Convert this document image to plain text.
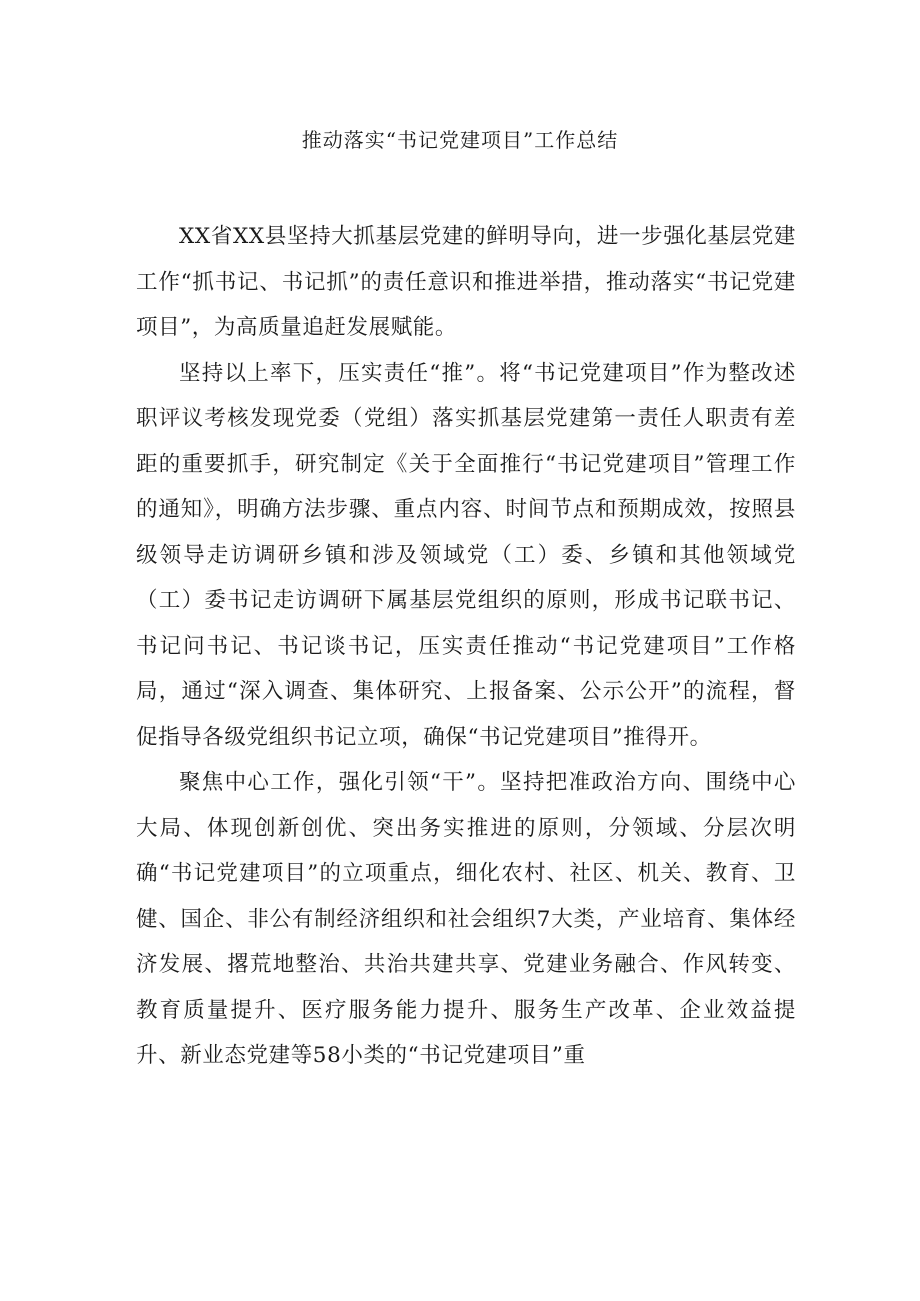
推动落实“书记党建项目”工作总结

XX省XX县坚持大抓基层党建的鲜明导向，进一步强化基层党建工作“抓书记、书记抓”的责任意识和推进举措，推动落实“书记党建项目”，为高质量追赶发展赋能。

坚持以上率下，压实责任“推”。将“书记党建项目”作为整改述职评议考核发现党委（党组）落实抓基层党建第一责任人职责有差距的重要抓手，研究制定《关于全面推行“书记党建项目”管理工作的通知》，明确方法步骤、重点内容、时间节点和预期成效，按照县级领导走访调研乡镇和涉及领域党（工）委、乡镇和其他领域党（工）委书记走访调研下属基层党组织的原则，形成书记联书记、书记问书记、书记谈书记，压实责任推动“书记党建项目”工作格局，通过“深入调查、集体研究、上报备案、公示公开”的流程，督促指导各级党组织书记立项，确保“书记党建项目”推得开。

聚焦中心工作，强化引领“干”。坚持把准政治方向、围绕中心大局、体现创新创优、突出务实推进的原则，分领域、分层次明确“书记党建项目”的立项重点，细化农村、社区、机关、教育、卫健、国企、非公有制经济组织和社会组织7大类，产业培育、集体经济发展、撂荒地整治、共治共建共享、党建业务融合、作风转变、教育质量提升、医疗服务能力提升、服务生产改革、企业效益提升、新业态党建等58小类的“书记党建项目”重
